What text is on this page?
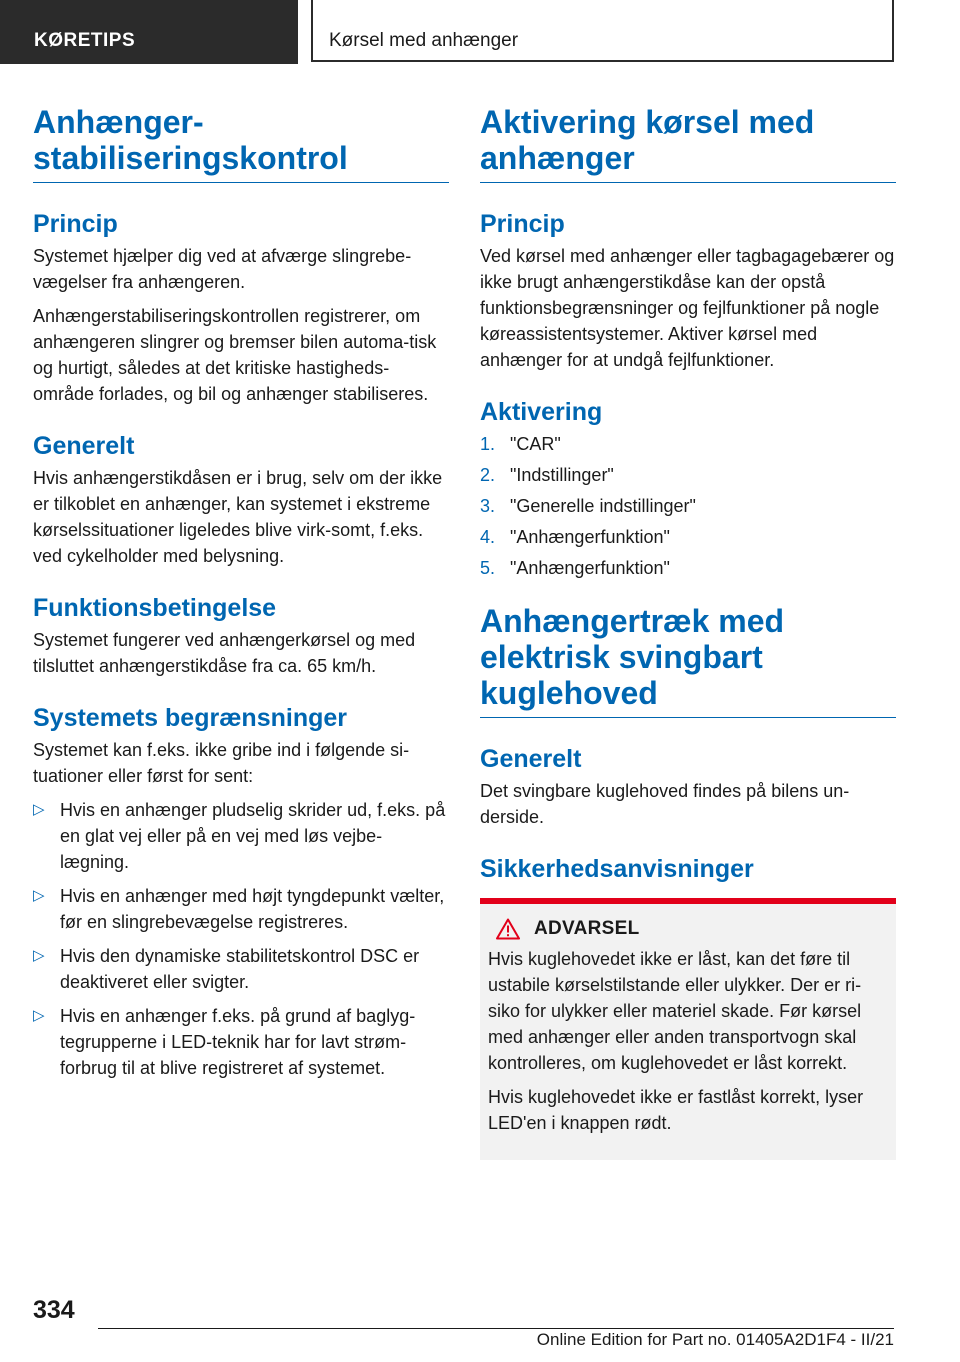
KØRETIPS	Kørsel med anhænger
Anhænger-
stabiliseringskontrol
Princip

Systemet hjælper dig ved at afværge slingrebe-vægelser fra anhængeren.

Anhængerstabiliseringskontrollen registrerer, om anhængeren slingrer og bremser bilen automa-tisk og hurtigt, således at det kritiske hastigheds-område forlades, og bil og anhænger stabiliseres.

Generelt

Hvis anhængerstikdåsen er i brug, selv om der ikke er tilkoblet en anhænger, kan systemet i ekstreme kørselssituationer ligeledes blive virk-somt, f.eks. ved cykelholder med belysning.

Funktionsbetingelse

Systemet fungerer ved anhængerkørsel og med tilsluttet anhængerstikdåse fra ca. 65 km/h.

Systemets begrænsninger

Systemet kan f.eks. ikke gribe ind i følgende si-tuationer eller først for sent:

▷ Hvis en anhænger pludselig skrider ud, f.eks. på en glat vej eller på en vej med løs vejbe-lægning.
▷ Hvis en anhænger med højt tyngdepunkt vælter, før en slingrebevægelse registreres.
▷ Hvis den dynamiske stabilitetskontrol DSC er deaktiveret eller svigter.
▷ Hvis en anhænger f.eks. på grund af baglyg-tegrupperne i LED-teknik har for lavt strøm-forbrug til at blive registreret af systemet.
Aktivering kørsel med anhænger
Princip

Ved kørsel med anhænger eller tagbagagebærer og ikke brugt anhængerstikdåse kan der opstå funktionsbegrænsninger og fejlfunktioner på nogle køreassistentsystemer. Aktiver kørsel med anhænger for at undgå fejlfunktioner.

Aktivering
1. "CAR"
2. "Indstillinger"
3. "Generelle indstillinger"
4. "Anhængerfunktion"
5. "Anhængerfunktion"
Anhængertræk med elektrisk svingbart kuglehoved
Generelt

Det svingbare kuglehoved findes på bilens un-derside.

Sikkerhedsanvisninger
ADVARSEL

Hvis kuglehovedet ikke er låst, kan det føre til ustabile kørselstilstande eller ulykker. Der er ri-siko for ulykker eller materiel skade. Før kørsel med anhænger eller anden transportvogn skal kontrolleres, om kuglehovedet er låst korrekt.

Hvis kuglehovedet ikke er fastlåst korrekt, lyser LED'en i knappen rødt.

334
Online Edition for Part no. 01405A2D1F4 - II/21
